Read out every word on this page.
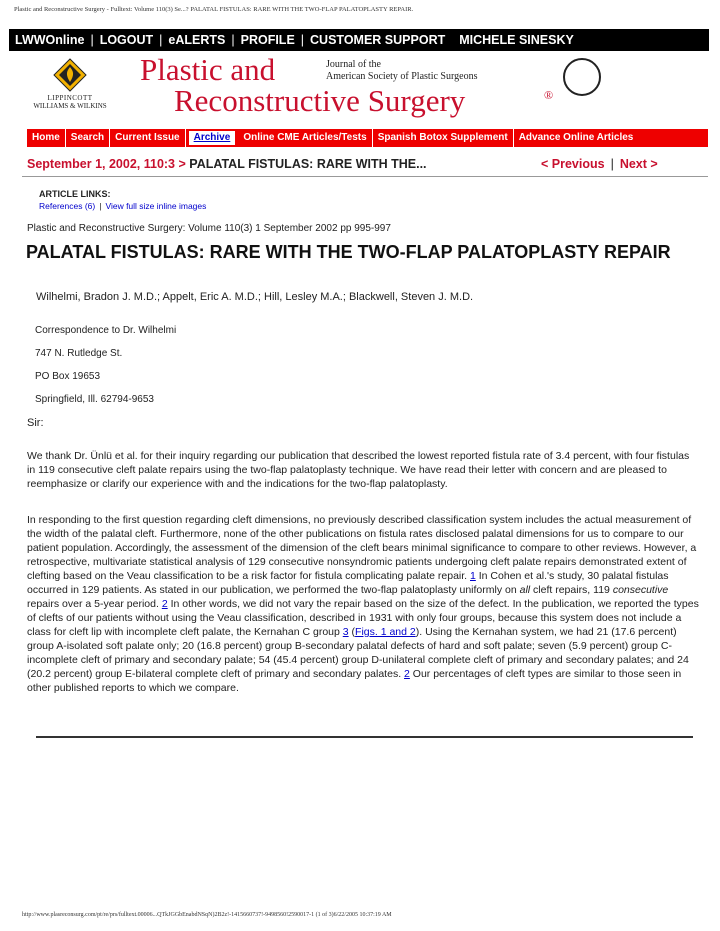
Plastic and Reconstructive Surgery - Fulltext: Volume 110(3) Se...? PALATAL FISTULAS: RARE WITH THE TWO-FLAP PALATOPLASTY REPAIR.
LWWOnline | LOGOUT | eALERTS | PROFILE | CUSTOMER SUPPORT MICHELE SINESKY
LIPPINCOTT
WILLIAMS & WILKINS
Plastic and	Journal of the
American Society of Plastic Surgeons
Reconstructive Surgery	®
Home	Search	Current Issue	Archive	Online CME Articles/Tests	Spanish Botox Supplement	Advance Online Articles
September 1, 2002, 110:3 > PALATAL FISTULAS: RARE WITH THE...	< Previous | Next >
ARTICLE LINKS:
References (6) | View full size inline images
Plastic and Reconstructive Surgery: Volume 110(3) 1 September 2002 pp 995-997
PALATAL FISTULAS: RARE WITH THE TWO-FLAP PALATOPLASTY REPAIR
Wilhelmi, Bradon J. M.D.; Appelt, Eric A. M.D.; Hill, Lesley M.A.; Blackwell, Steven J. M.D.
Correspondence to Dr. Wilhelmi
747 N. Rutledge St.
PO Box 19653
Springfield, Ill. 62794-9653
Sir:
We thank Dr. Ünlü et al. for their inquiry regarding our publication that described the lowest reported fistula rate of 3.4 percent, with four fistulas in 119 consecutive cleft palate repairs using the two-flap palatoplasty technique. We have read their letter with concern and are pleased to reemphasize or clarify our experience with and the indications for the two-flap palatoplasty.
In responding to the first question regarding cleft dimensions, no previously described classification system includes the actual measurement of the width of the palatal cleft. Furthermore, none of the other publications on fistula rates disclosed palatal dimensions for us to compare to our patient population. Accordingly, the assessment of the dimension of the cleft bears minimal significance to compare to other reviews. However, a retrospective, multivariate statistical analysis of 129 consecutive nonsyndromic patients undergoing cleft palate repairs demonstrated extent of clefting based on the Veau classification to be a risk factor for fistula complicating palate repair. 1 In Cohen et al.'s study, 30 palatal fistulas occurred in 129 patients. As stated in our publication, we performed the two-flap palatoplasty uniformly on all cleft repairs, 119 consecutive repairs over a 5-year period. 2 In other words, we did not vary the repair based on the size of the defect. In the publication, we reported the types of clefts of our patients without using the Veau classification, described in 1931 with only four groups, because this system does not include a class for cleft lip with incomplete cleft palate, the Kernahan C group 3 (Figs. 1 and 2). Using the Kernahan system, we had 21 (17.6 percent) group A-isolated soft palate only; 20 (16.8 percent) group B-secondary palatal defects of hard and soft palate; seven (5.9 percent) group C-incomplete cleft of primary and secondary palate; 54 (45.4 percent) group D-unilateral complete cleft of primary and secondary palates; and 24 (20.2 percent) group E-bilateral complete cleft of primary and secondary palates. 2 Our percentages of cleft types are similar to those seen in other published reports to which we compare.
http://www.plasreconsurg.com/pt/re/prs/fulltext.00006...QTkJGGbEnabdNSqN)2B2z!-1415660737!-9498560!2590017-1 (1 of 3)6/22/2005 10:37:19 AM
